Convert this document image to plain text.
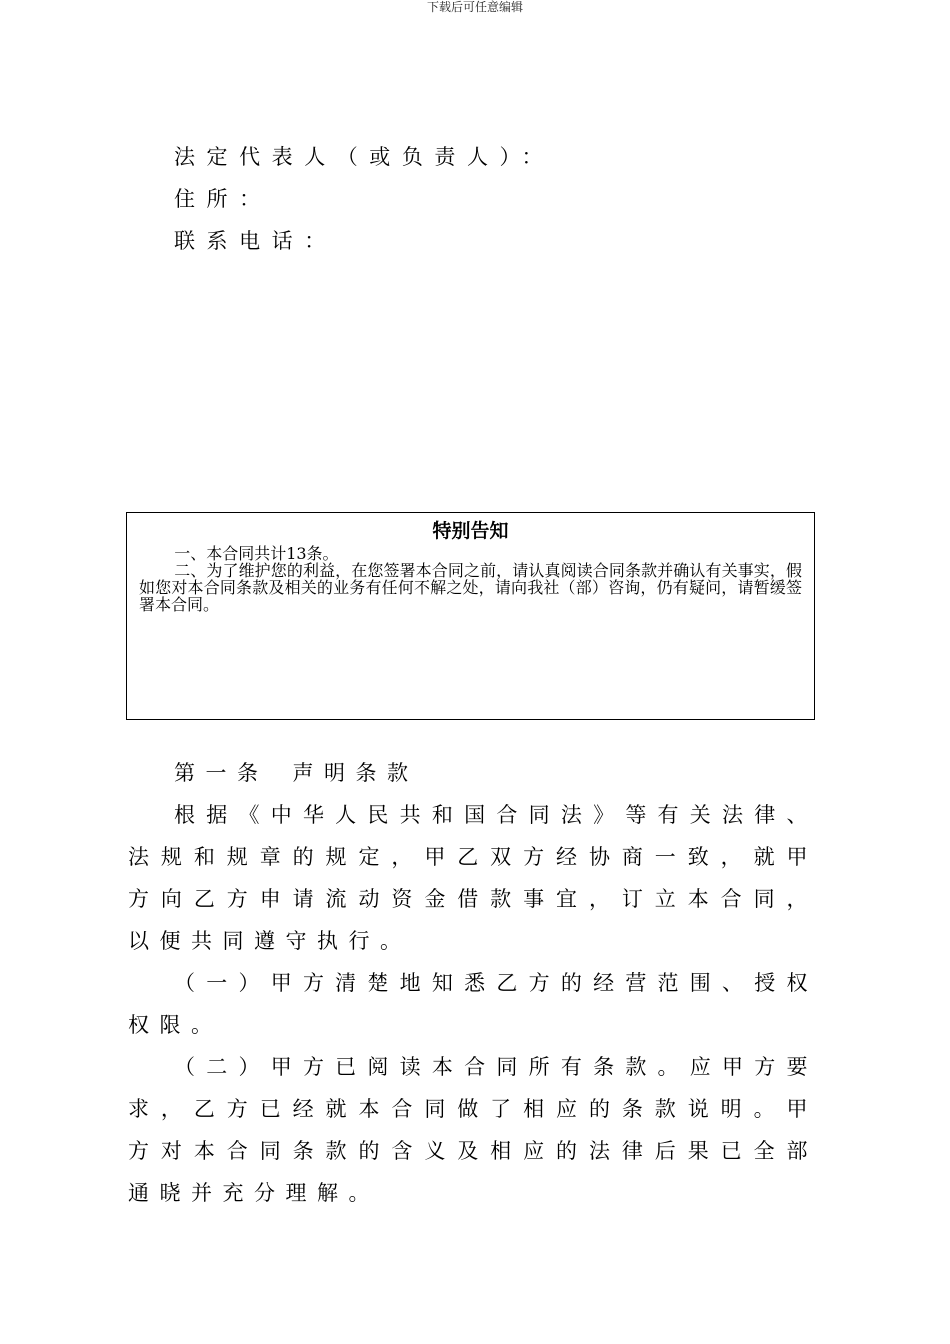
下载后可任意编辑
法定代表人（或负责人）：
住所：
联系电话：
特别告知

一、本合同共计13条。

二、为了维护您的利益，在您签署本合同之前，请认真阅读合同条款并确认有关事实，假如您对本合同条款及相关的业务有任何不解之处，请向我社（部）咨询，仍有疑问，请暂缓签署本合同。

第一条 声明条款

根据《中华人民共和国合同法》等有关法律、法规和规章的规定，甲乙双方经协商一致，就甲方向乙方申请流动资金借款事宜，订立本合同，以便共同遵守执行。

（一）甲方清楚地知悉乙方的经营范围、授权权限。

（二）甲方已阅读本合同所有条款。应甲方要求，乙方已经就本合同做了相应的条款说明。甲方对本合同条款的含义及相应的法律后果已全部通晓并充分理解。
